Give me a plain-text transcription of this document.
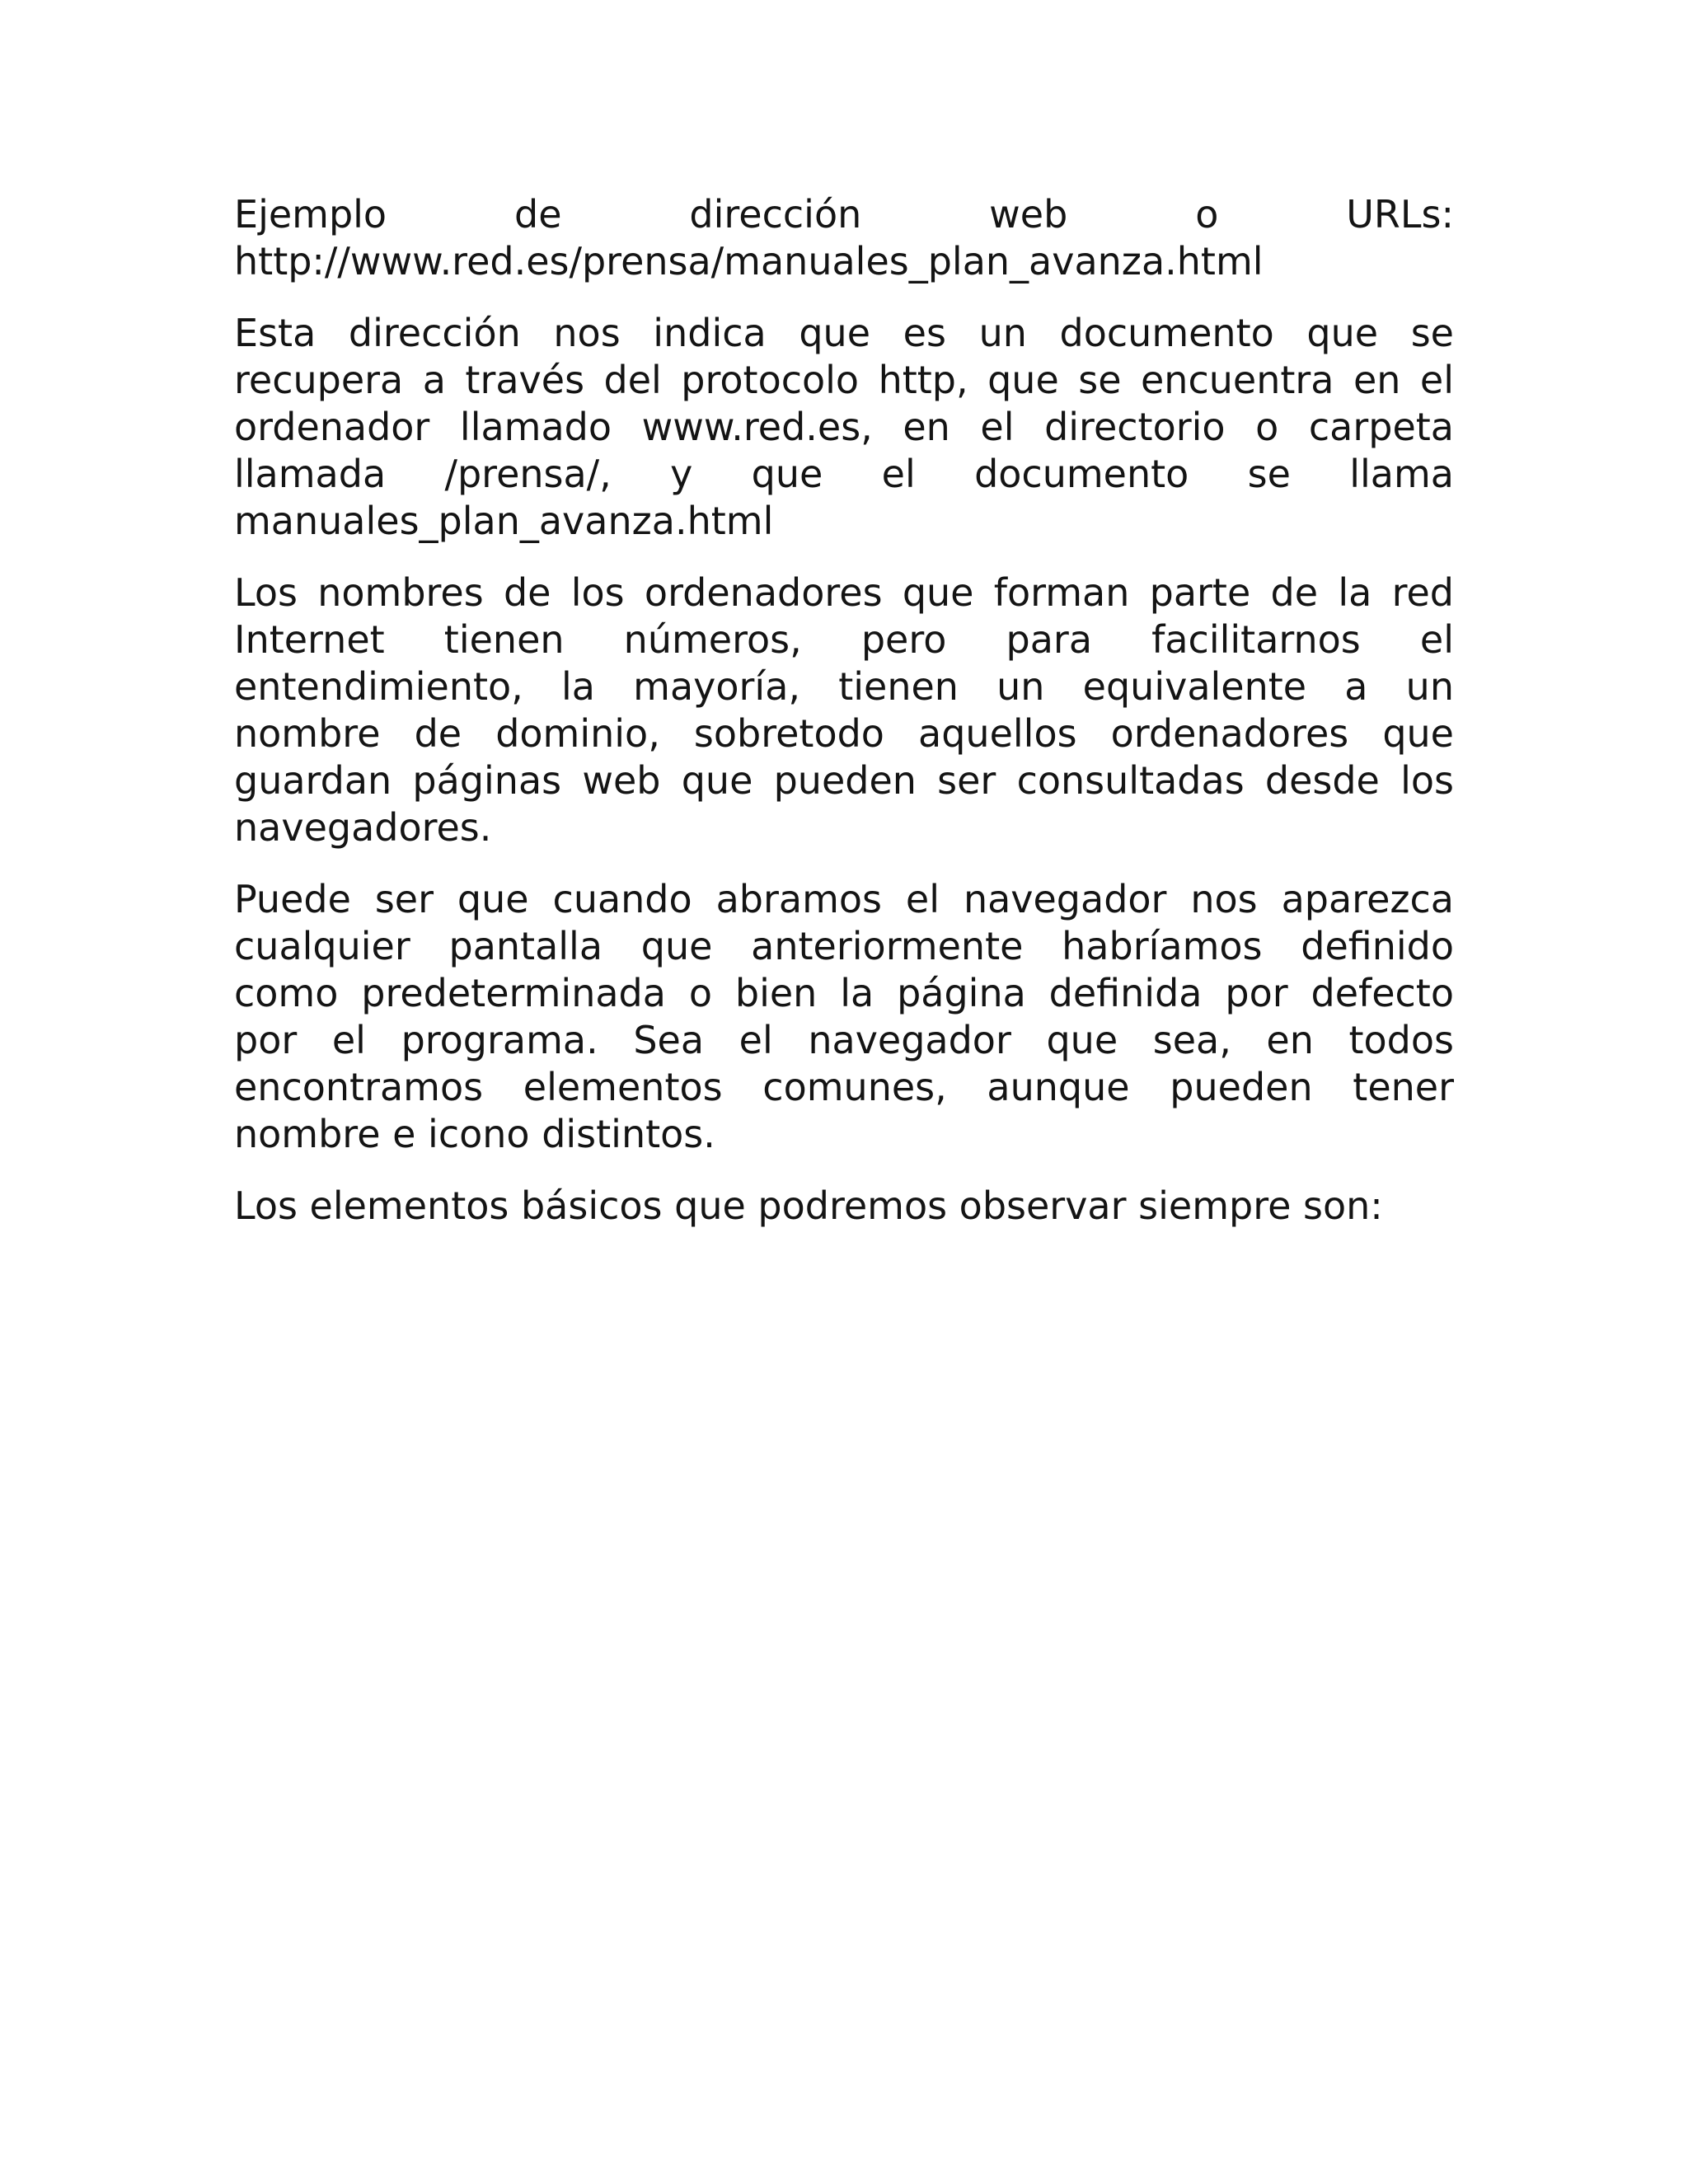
Ejemplo de dirección web o URLs:
http://www.red.es/prensa/manuales_plan_avanza.html
Esta dirección nos indica que es un documento que se
recupera a través del protocolo http, que se encuentra en el
ordenador llamado www.red.es, en el directorio o carpeta
llamada /prensa/, y que el documento se llama
manuales_plan_avanza.html
Los nombres de los ordenadores que forman parte de la red
Internet tienen números, pero para facilitarnos el
entendimiento, la mayoría, tienen un equivalente a un
nombre de dominio, sobretodo aquellos ordenadores que
guardan páginas web que pueden ser consultadas desde los
navegadores.
Puede ser que cuando abramos el navegador nos aparezca
cualquier pantalla que anteriormente habríamos definido
como predeterminada o bien la página definida por defecto
por el programa. Sea el navegador que sea, en todos
encontramos elementos comunes, aunque pueden tener
nombre e icono distintos.
Los elementos básicos que podremos observar siempre son:
